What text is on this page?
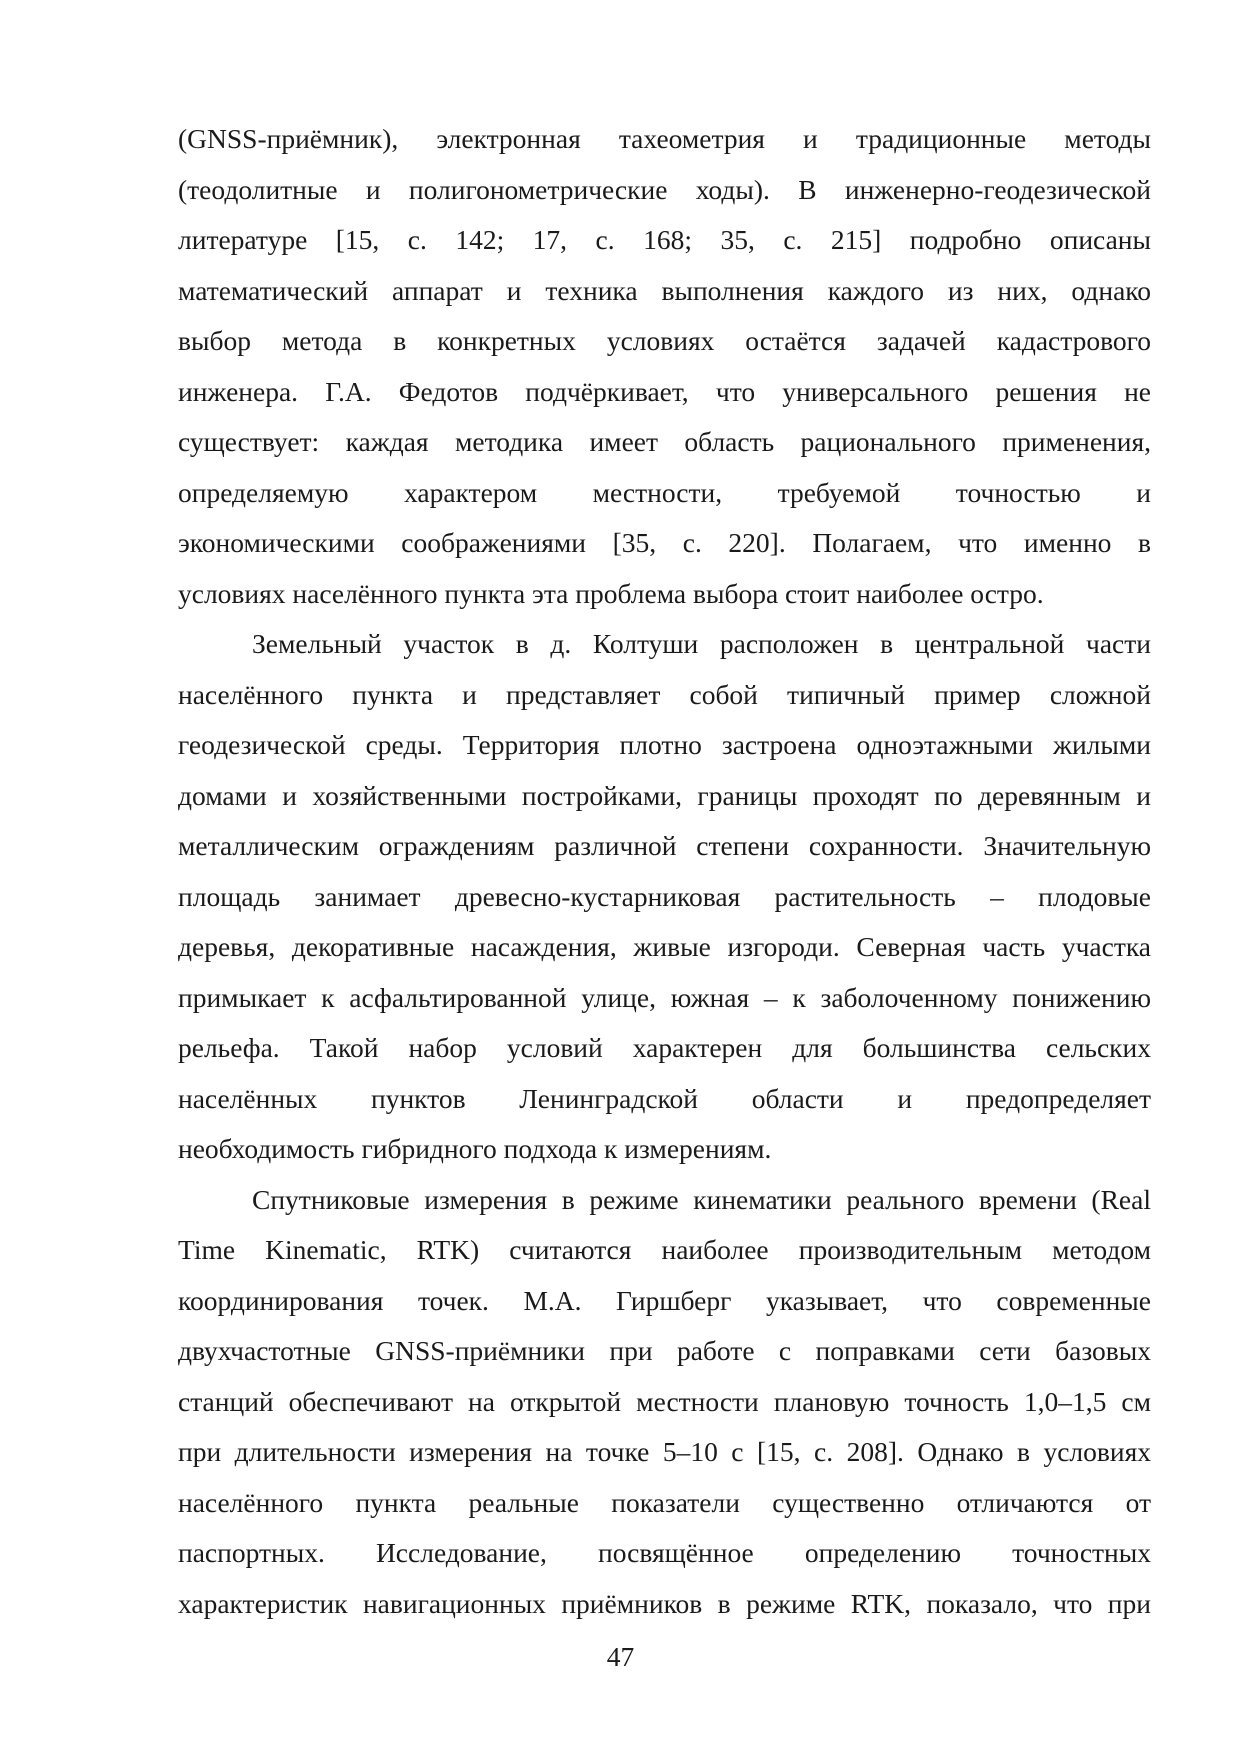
(GNSS-приёмник), электронная тахеометрия и традиционные методы
(теодолитные и полигонометрические ходы). В инженерно-геодезической
литературе [15, с. 142; 17, с. 168; 35, с. 215] подробно описаны
математический аппарат и техника выполнения каждого из них, однако
выбор метода в конкретных условиях остаётся задачей кадастрового
инженера. Г.А. Федотов подчёркивает, что универсального решения не
существует: каждая методика имеет область рационального применения,
определяемую характером местности, требуемой точностью и
экономическими соображениями [35, с. 220]. Полагаем, что именно в
условиях населённого пункта эта проблема выбора стоит наиболее остро.
Земельный участок в д. Колтуши расположен в центральной части
населённого пункта и представляет собой типичный пример сложной
геодезической среды. Территория плотно застроена одноэтажными жилыми
домами и хозяйственными постройками, границы проходят по деревянным и
металлическим ограждениям различной степени сохранности. Значительную
площадь занимает древесно-кустарниковая растительность – плодовые
деревья, декоративные насаждения, живые изгороди. Северная часть участка
примыкает к асфальтированной улице, южная – к заболоченному понижению
рельефа. Такой набор условий характерен для большинства сельских
населённых пунктов Ленинградской области и предопределяет
необходимость гибридного подхода к измерениям.
Спутниковые измерения в режиме кинематики реального времени (Real
Time Kinematic, RTK) считаются наиболее производительным методом
координирования точек. М.А. Гиршберг указывает, что современные
двухчастотные GNSS-приёмники при работе с поправками сети базовых
станций обеспечивают на открытой местности плановую точность 1,0–1,5 см
при длительности измерения на точке 5–10 с [15, с. 208]. Однако в условиях
населённого пункта реальные показатели существенно отличаются от
паспортных. Исследование, посвящённое определению точностных
характеристик навигационных приёмников в режиме RTK, показало, что при
47
